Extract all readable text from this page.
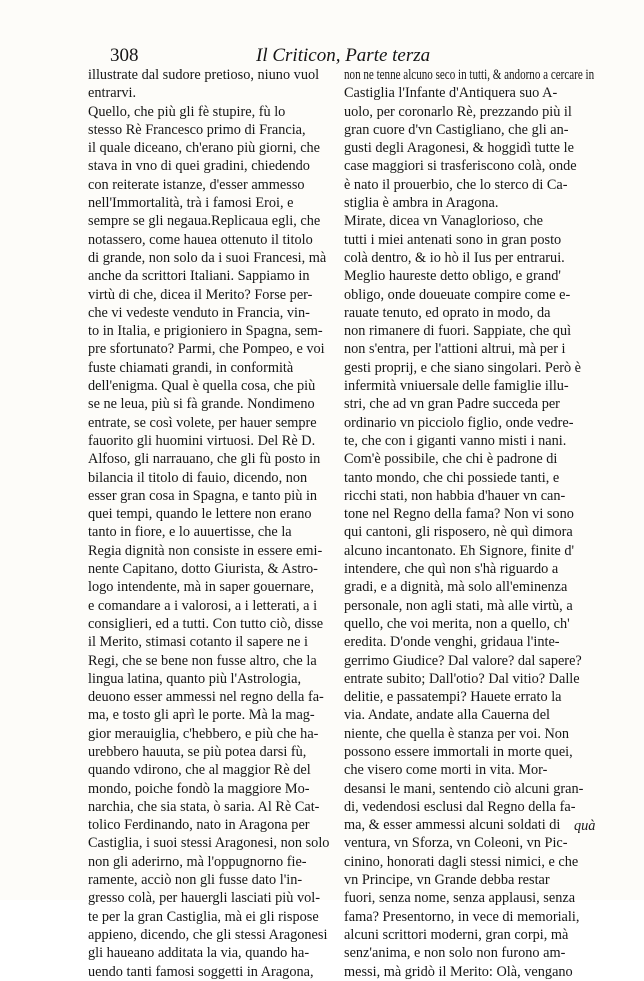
308	Il Criticon, Parte terza
illustrate dal sudore pretioso, niuno vuol
entrarvi.
Quello, che più gli fè stupire, fù lo
stesso Rè Francesco primo di Francia,
il quale diceano, ch'erano più giorni, che
stava in vno di quei gradini, chiedendo
con reiterate istanze, d'esser ammesso
nell'Immortalità, trà i famosi Eroi, e
sempre se gli negaua.Replicaua egli, che
notassero, come hauea ottenuto il titolo
di grande, non solo da i suoi Francesi, mà
anche da scrittori Italiani. Sappiamo in
virtù di che, dicea il Merito? Forse per-
che vi vedeste venduto in Francia, vin-
to in Italia, e prigioniero in Spagna, sem-
pre sfortunato? Parmi, che Pompeo, e voi
fuste chiamati grandi, in conformità
dell'enigma. Qual è quella cosa, che più
se ne leua, più si fà grande. Nondimeno
entrate, se così volete, per hauer sempre
fauorito gli huomini virtuosi. Del Rè D.
Alfoso, gli narrauano, che gli fù posto in
bilancia il titolo di fauio, dicendo, non
esser gran cosa in Spagna, e tanto più in
quei tempi, quando le lettere non erano
tanto in fiore, e lo auuertisse, che la
Regia dignità non consiste in essere emi-
nente Capitano, dotto Giurista, & Astro-
logo intendente, mà in saper gouernare,
e comandare a i valorosi, a i letterati, a i
consiglieri, ed a tutti. Con tutto ciò, disse
il Merito, stimasi cotanto il sapere ne i
Regi, che se bene non fusse altro, che la
lingua latina, quanto più l'Astrologia,
deuono esser ammessi nel regno della fa-
ma, e tosto gli aprì le porte. Mà la mag-
gior merauiglia, c'hebbero, e più che ha-
urebbero hauuta, se più potea darsi fù,
quando vdirono, che al maggior Rè del
mondo, poiche fondò la maggiore Mo-
narchia, che sia stata, ò saria. Al Rè Cat-
tolico Ferdinando, nato in Aragona per
Castiglia, i suoi stessi Aragonesi, non solo
non gli aderirno, mà l'oppugnorno fie-
ramente, acciò non gli fusse dato l'in-
gresso colà, per hauergli lasciati più vol-
te per la gran Castiglia, mà ei gli rispose
appieno, dicendo, che gli stessi Aragonesi
gli haueano additata la via, quando ha-
uendo tanti famosi soggetti in Aragona,
non ne tenne alcuno seco in tutti, & andorno a cercare in
Castiglia l'Infante d'Antiquera suo A-
uolo, per coronarlo Rè, prezzando più il
gran cuore d'vn Castigliano, che gli an-
gusti degli Aragonesi, & hoggidì tutte le
case maggiori si trasferiscono colà, onde
è nato il prouerbio, che lo sterco di Ca-
stiglia è ambra in Aragona.
Mirate, dicea vn Vanaglorioso, che
tutti i miei antenati sono in gran posto
colà dentro, & io hò il Ius per entrarui.
Meglio haureste detto obligo, e grand'
obligo, onde doueuate compire come e-
rauate tenuto, ed oprato in modo, da
non rimanere di fuori. Sappiate, che quì
non s'entra, per l'attioni altrui, mà per i
gesti proprij, e che siano singolari. Però è
infermità vniuersale delle famiglie illu-
stri, che ad vn gran Padre succeda per
ordinario vn picciolo figlio, onde vedre-
te, che con i giganti vanno misti i nani.
Com'è possibile, che chi è padrone di
tanto mondo, che chi possiede tanti, e
ricchi stati, non habbia d'hauer vn can-
tone nel Regno della fama? Non vi sono
qui cantoni, gli risposero, nè quì dimora
alcuno incantonato. Eh Signore, finite d'
intendere, che quì non s'hà riguardo a
gradi, e a dignità, mà solo all'eminenza
personale, non agli stati, mà alle virtù, a
quello, che voi merita, non a quello, ch'
eredita. D'onde venghi, gridaua l'inte-
gerrimo Giudice? Dal valore? dal sapere?
entrate subito; Dall'otio? Dal vitio? Dalle
delitie, e passatempi? Hauete errato la
via. Andate, andate alla Cauerna del
niente, che quella è stanza per voi. Non
possono essere immortali in morte quei,
che visero come morti in vita. Mor-
desansi le mani, sentendo ciò alcuni gran-
di, vedendosi esclusi dal Regno della fa-
ma, & esser ammessi alcuni soldati di
ventura, vn Sforza, vn Coleoni, vn Pic-
cinino, honorati dagli stessi nimici, e che
vn Principe, vn Grande debba restar
fuori, senza nome, senza applausi, senza
fama? Presentorno, in vece di memoriali,
alcuni scrittori moderni, gran corpi, mà
senz'anima, e non solo non furono am-
messi, mà gridò il Merito: Olà, vengano
quà
